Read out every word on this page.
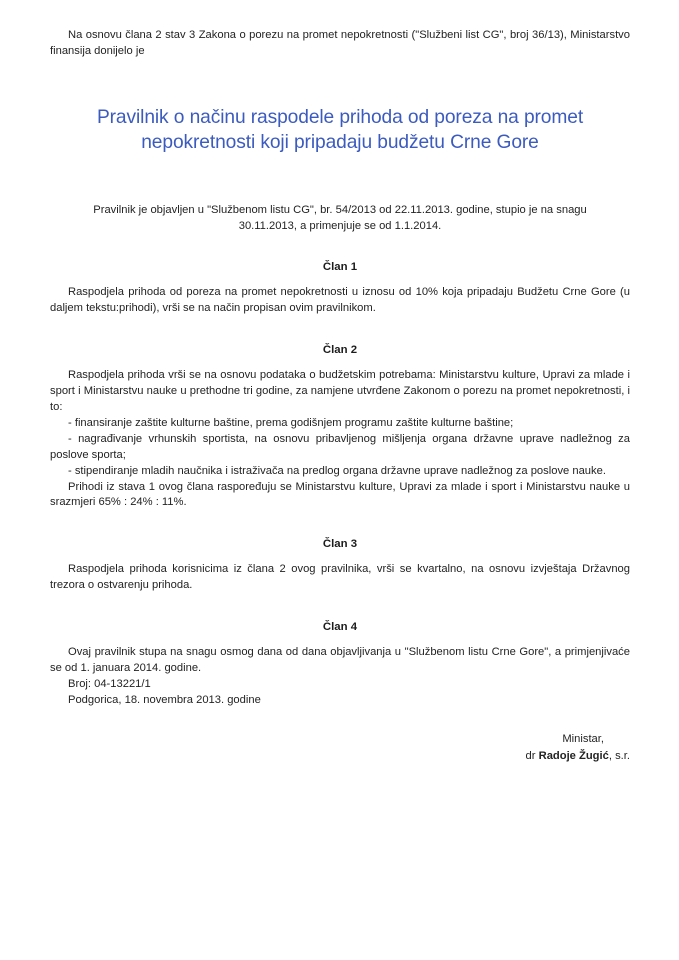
Na osnovu člana 2 stav 3 Zakona o porezu na promet nepokretnosti ("Službeni list CG", broj 36/13), Ministarstvo finansija donijelo je

Pravilnik o načinu raspodele prihoda od poreza na promet nepokretnosti koji pripadaju budžetu Crne Gore

Pravilnik je objavljen u "Službenom listu CG", br. 54/2013 od 22.11.2013. godine, stupio je na snagu 30.11.2013, a primenjuje se od 1.1.2014.

Član 1

Raspodjela prihoda od poreza na promet nepokretnosti u iznosu od 10% koja pripadaju Budžetu Crne Gore (u daljem tekstu:prihodi), vrši se na način propisan ovim pravilnikom.

Član 2

Raspodjela prihoda vrši se na osnovu podataka o budžetskim potrebama: Ministarstvu kulture, Upravi za mlade i sport i Ministarstvu nauke u prethodne tri godine, za namjene utvrđene Zakonom o porezu na promet nepokretnosti, i to:

- finansiranje zaštite kulturne baštine, prema godišnjem programu zaštite kulturne baštine;

- nagrađivanje vrhunskih sportista, na osnovu pribavljenog mišljenja organa državne uprave nadležnog za poslove sporta;

- stipendiranje mladih naučnika i istraživača na predlog organa državne uprave nadležnog za poslove nauke.

Prihodi iz stava 1 ovog člana raspoređuju se Ministarstvu kulture, Upravi za mlade i sport i Ministarstvu nauke u srazmjeri 65% : 24% : 11%.

Član 3

Raspodjela prihoda korisnicima iz člana 2 ovog pravilnika, vrši se kvartalno, na osnovu izvještaja Državnog trezora o ostvarenju prihoda.

Član 4

Ovaj pravilnik stupa na snagu osmog dana od dana objavljivanja u "Službenom listu Crne Gore", a primjenjivaće se od 1. januara 2014. godine.

Broj: 04-13221/1

Podgorica, 18. novembra 2013. godine

Ministar,
dr Radoje Žugić, s.r.
